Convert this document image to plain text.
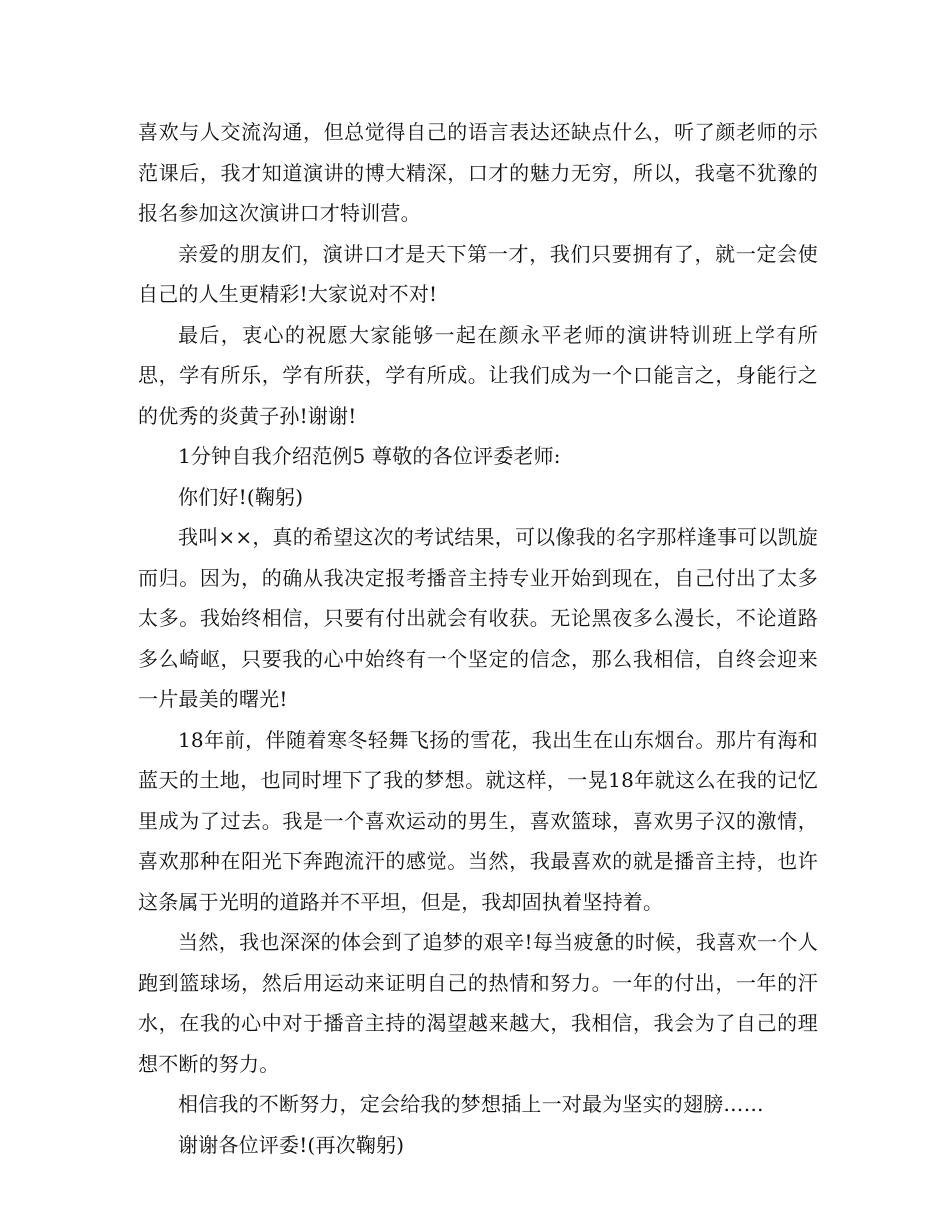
喜欢与人交流沟通，但总觉得自己的语言表达还缺点什么，听了颜老师的示范课后，我才知道演讲的博大精深，口才的魅力无穷，所以，我毫不犹豫的报名参加这次演讲口才特训营。

亲爱的朋友们，演讲口才是天下第一才，我们只要拥有了，就一定会使自己的人生更精彩!大家说对不对!

最后，衷心的祝愿大家能够一起在颜永平老师的演讲特训班上学有所思，学有所乐，学有所获，学有所成。让我们成为一个口能言之，身能行之的优秀的炎黄子孙!谢谢!

1分钟自我介绍范例5 尊敬的各位评委老师:

你们好!(鞠躬)

我叫××，真的希望这次的考试结果，可以像我的名字那样逢事可以凯旋而归。因为，的确从我决定报考播音主持专业开始到现在，自己付出了太多太多。我始终相信，只要有付出就会有收获。无论黑夜多么漫长，不论道路多么崎岖，只要我的心中始终有一个坚定的信念，那么我相信，自终会迎来一片最美的曙光!

18年前，伴随着寒冬轻舞飞扬的雪花，我出生在山东烟台。那片有海和蓝天的土地，也同时埋下了我的梦想。就这样，一晃18年就这么在我的记忆里成为了过去。我是一个喜欢运动的男生，喜欢篮球，喜欢男子汉的激情，喜欢那种在阳光下奔跑流汗的感觉。当然，我最喜欢的就是播音主持，也许这条属于光明的道路并不平坦，但是，我却固执着坚持着。

当然，我也深深的体会到了追梦的艰辛!每当疲惫的时候，我喜欢一个人跑到篮球场，然后用运动来证明自己的热情和努力。一年的付出，一年的汗水，在我的心中对于播音主持的渴望越来越大，我相信，我会为了自己的理想不断的努力。

相信我的不断努力，定会给我的梦想插上一对最为坚实的翅膀……

谢谢各位评委!(再次鞠躬)
